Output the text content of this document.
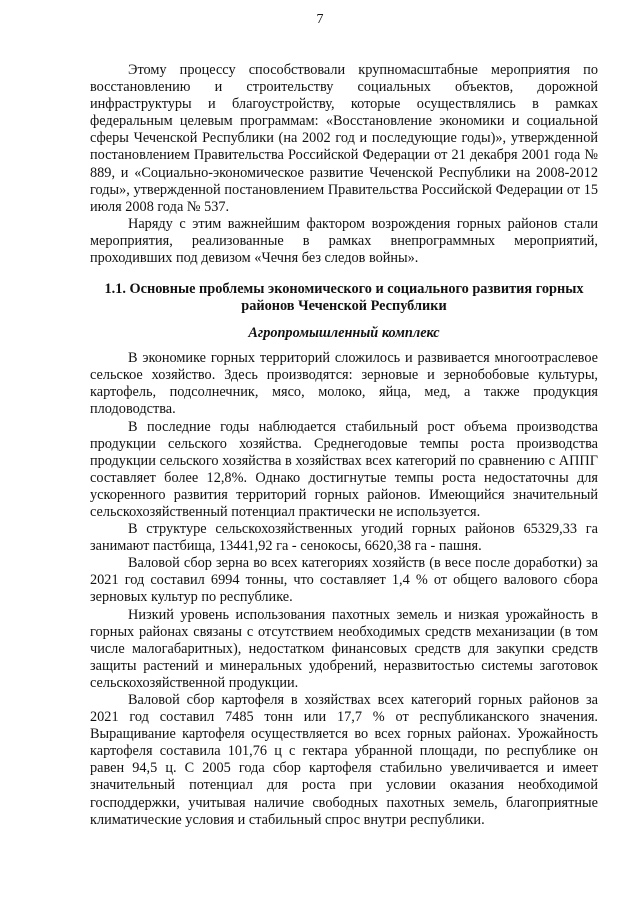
7

Этому процессу способствовали крупномасштабные мероприятия по восстановлению и строительству социальных объектов, дорожной инфраструктуры и благоустройству, которые осуществлялись в рамках федеральным целевым программам: «Восстановление экономики и социальной сферы Чеченской Республики (на 2002 год и последующие годы)», утвержденной постановлением Правительства Российской Федерации от 21 декабря 2001 года № 889, и «Социально-экономическое развитие Чеченской Республики на 2008-2012 годы», утвержденной постановлением Правительства Российской Федерации от 15 июля 2008 года № 537.

Наряду с этим важнейшим фактором возрождения горных районов стали мероприятия, реализованные в рамках внепрограммных мероприятий, проходивших под девизом «Чечня без следов войны».

1.1. Основные проблемы экономического и социального развития горных районов Чеченской Республики
Агропромышленный комплекс

В экономике горных территорий сложилось и развивается многоотраслевое сельское хозяйство. Здесь производятся: зерновые и зернобобовые культуры, картофель, подсолнечник, мясо, молоко, яйца, мед, а также продукция плодоводства.

В последние годы наблюдается стабильный рост объема производства продукции сельского хозяйства. Среднегодовые темпы роста производства продукции сельского хозяйства в хозяйствах всех категорий по сравнению с АППГ составляет более 12,8%. Однако достигнутые темпы роста недостаточны для ускоренного развития территорий горных районов. Имеющийся значительный сельскохозяйственный потенциал практически не используется.

В структуре сельскохозяйственных угодий горных районов 65329,33 га занимают пастбища, 13441,92 га - сенокосы, 6620,38 га - пашня.

Валовой сбор зерна во всех категориях хозяйств (в весе после доработки) за 2021 год составил 6994 тонны, что составляет 1,4 % от общего валового сбора зерновых культур по республике.

Низкий уровень использования пахотных земель и низкая урожайность в горных районах связаны с отсутствием необходимых средств механизации (в том числе малогабаритных), недостатком финансовых средств для закупки средств защиты растений и минеральных удобрений, неразвитостью системы заготовок сельскохозяйственной продукции.

Валовой сбор картофеля в хозяйствах всех категорий горных районов за 2021 год составил 7485 тонн или 17,7 % от республиканского значения. Выращивание картофеля осуществляется во всех горных районах. Урожайность картофеля составила 101,76 ц с гектара убранной площади, по республике он равен 94,5 ц. С 2005 года сбор картофеля стабильно увеличивается и имеет значительный потенциал для роста при условии оказания необходимой господдержки, учитывая наличие свободных пахотных земель, благоприятные климатические условия и стабильный спрос внутри республики.
